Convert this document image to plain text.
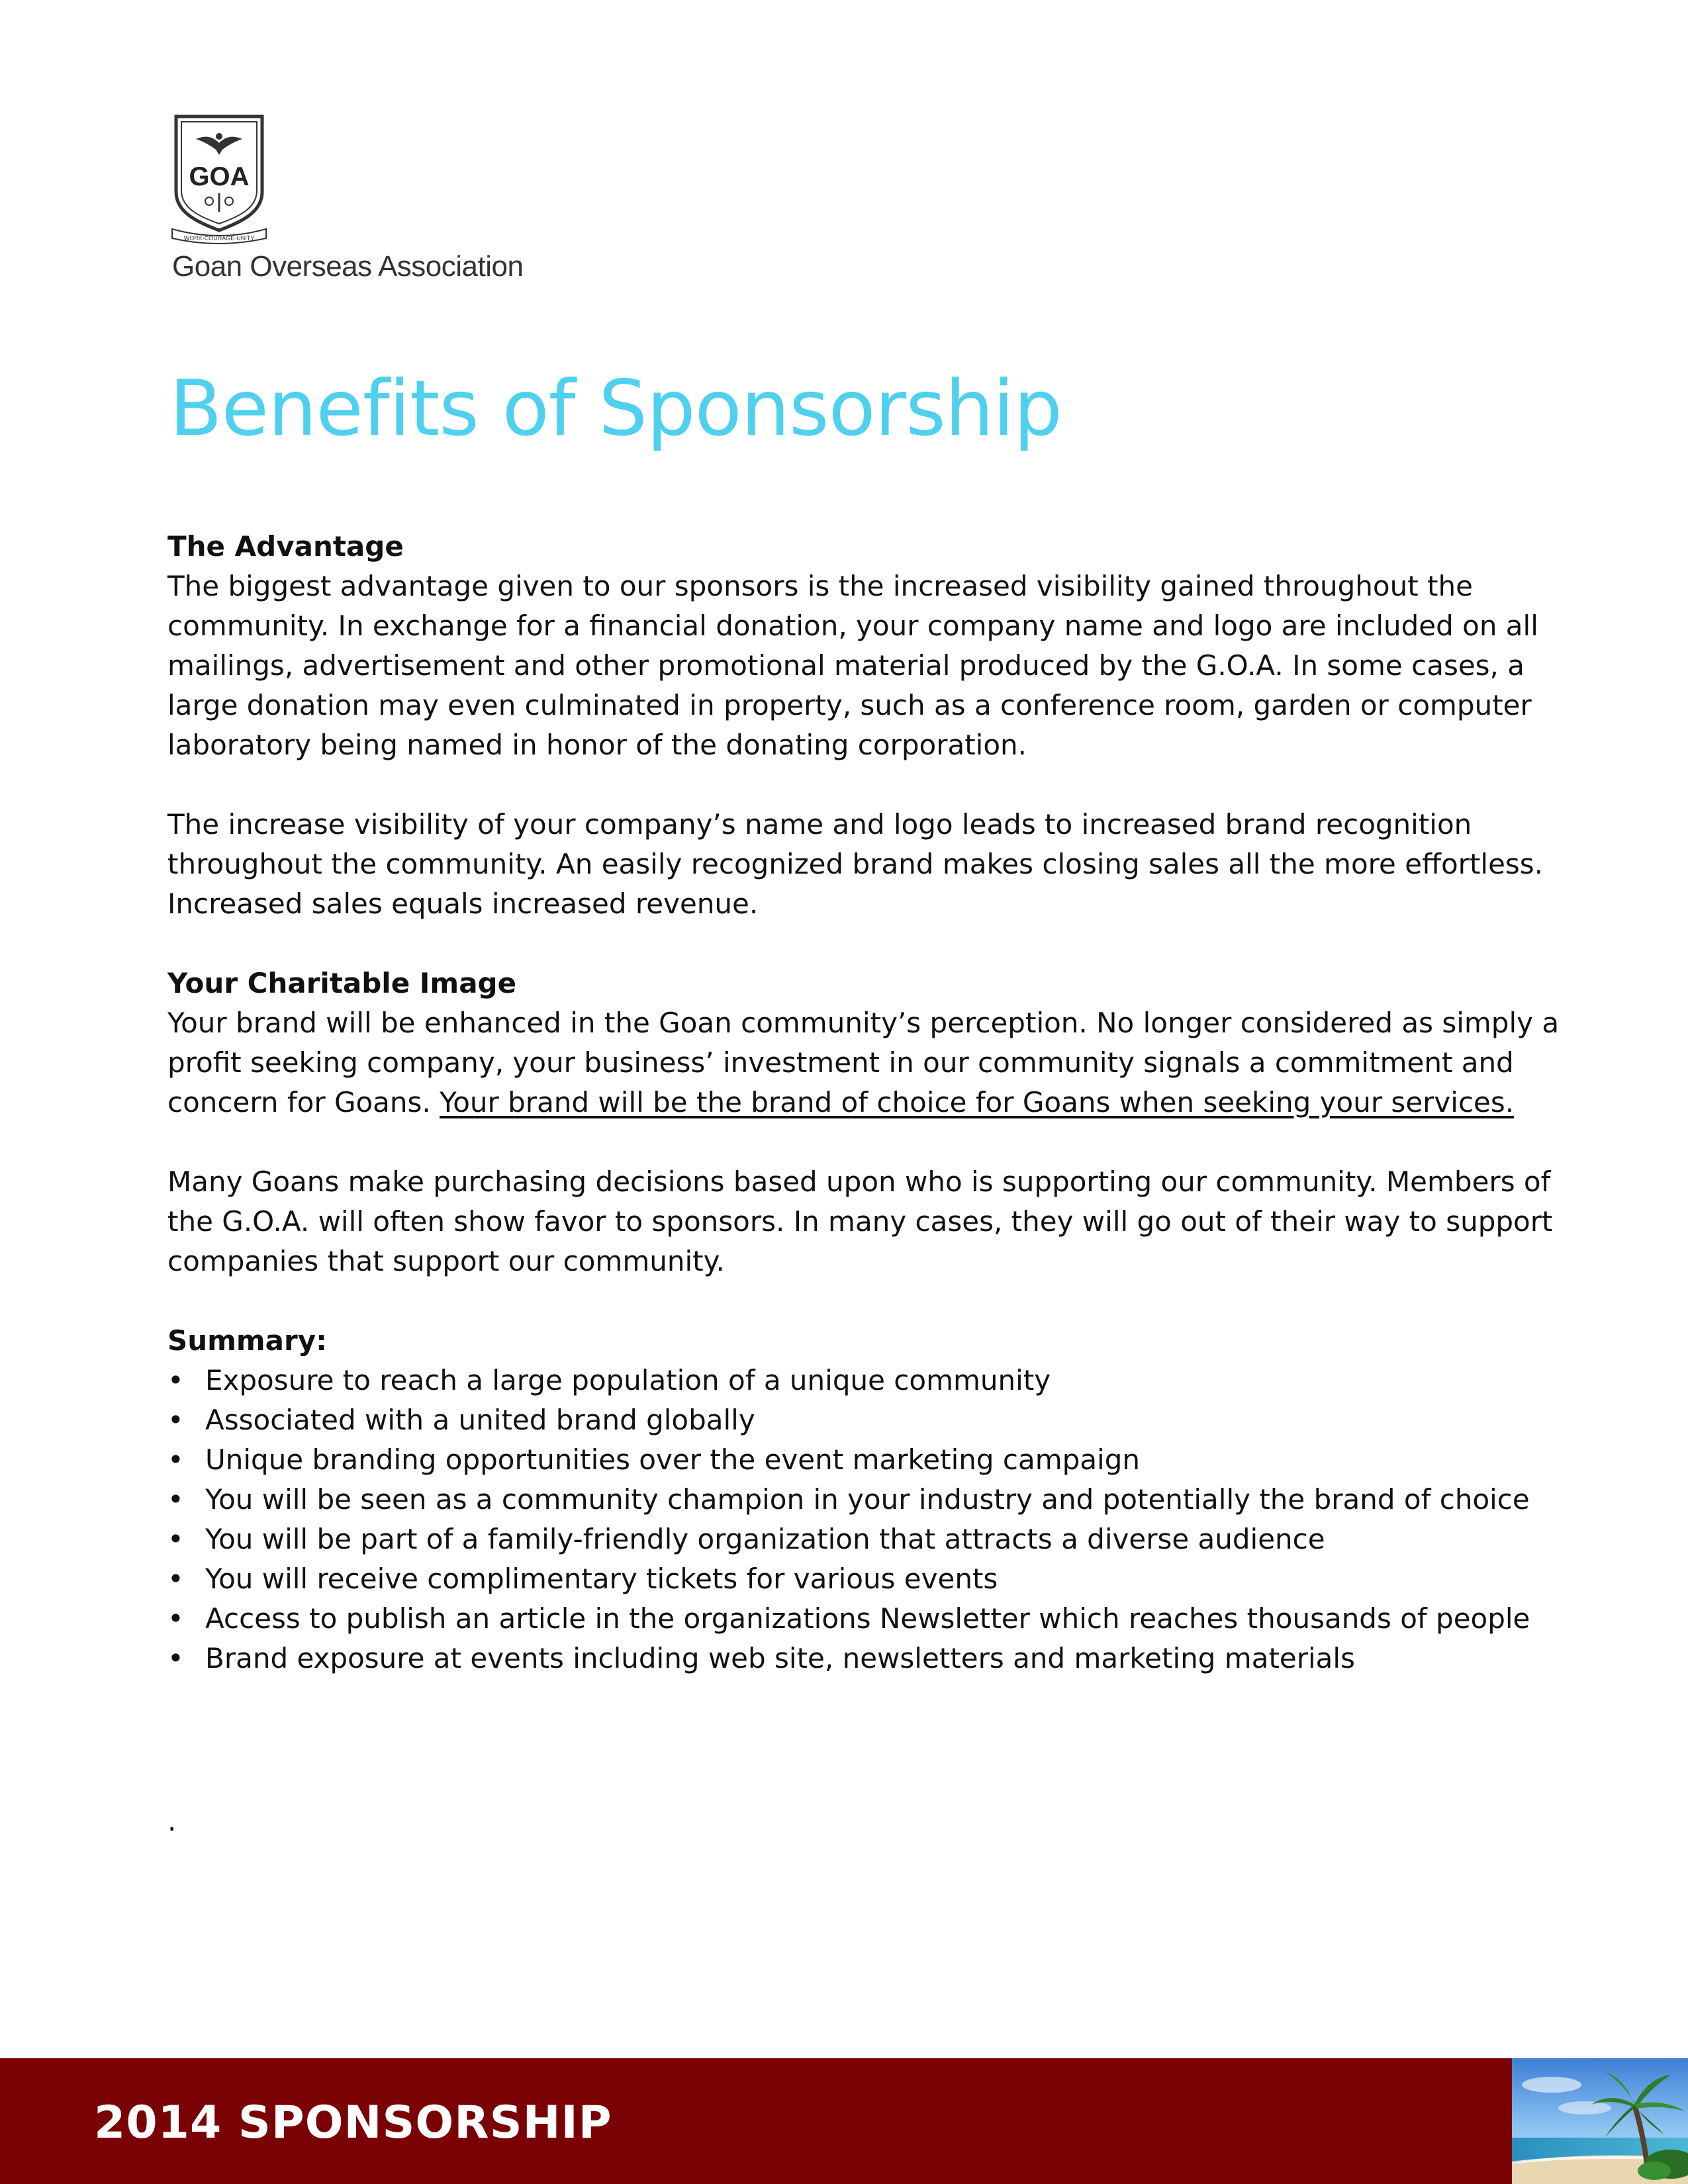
GOA
WORK·COURAGE·UNITY

Goan Overseas Association

Benefits of Sponsorship

The Advantage

The biggest advantage given to our sponsors is the increased visibility gained throughout the

community. In exchange for a financial donation, your company name and logo are included on all

mailings, advertisement and other promotional material produced by the G.O.A. In some cases, a

large donation may even culminated in property, such as a conference room, garden or computer

laboratory being named in honor of the donating corporation.

The increase visibility of your company’s name and logo leads to increased brand recognition

throughout the community. An easily recognized brand makes closing sales all the more effortless.

Increased sales equals increased revenue.

Your Charitable Image

Your brand will be enhanced in the Goan community’s perception. No longer considered as simply a

profit seeking company, your business’ investment in our community signals a commitment and

concern for Goans. Your brand will be the brand of choice for Goans when seeking your services.

Many Goans make purchasing decisions based upon who is supporting our community. Members of

the G.O.A. will often show favor to sponsors. In many cases, they will go out of their way to support

companies that support our community.

Summary:

• Exposure to reach a large population of a unique community
• Associated with a united brand globally
• Unique branding opportunities over the event marketing campaign
• You will be seen as a community champion in your industry and potentially the brand of choice
• You will be part of a family-friendly organization that attracts a diverse audience
• You will receive complimentary tickets for various events
• Access to publish an article in the organizations Newsletter which reaches thousands of people
• Brand exposure at events including web site, newsletters and marketing materials
.

2014 SPONSORSHIP
